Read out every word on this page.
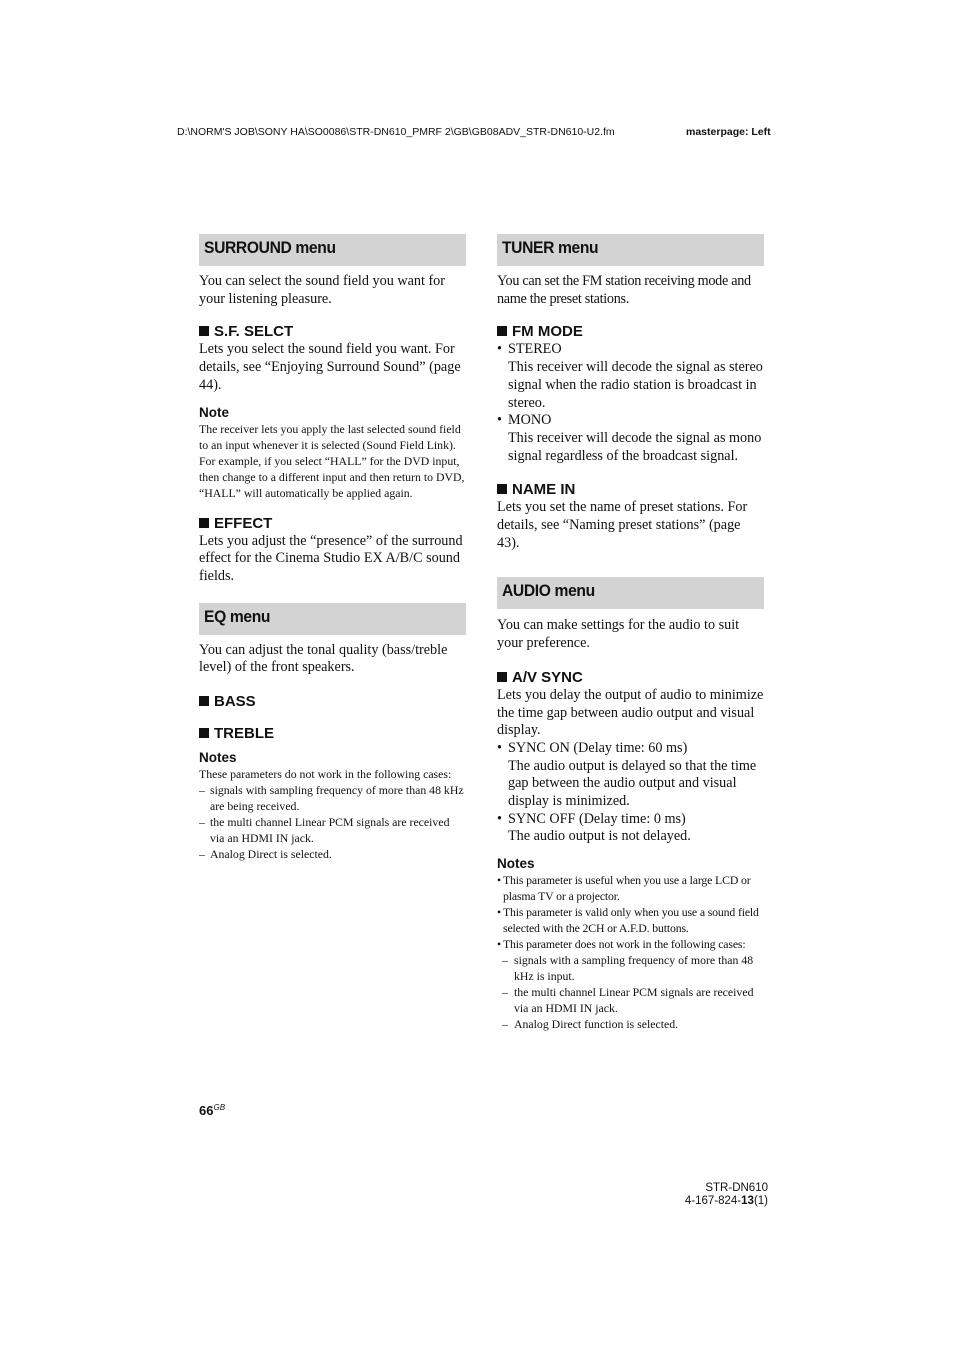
D:\NORM'S JOB\SONY HA\SO0086\STR-DN610_PMRF 2\GB\GB08ADV_STR-DN610-U2.fm	masterpage: Left
SURROUND menu

You can select the sound field you want for your listening pleasure.

S.F. SELCT

Lets you select the sound field you want. For details, see “Enjoying Surround Sound” (page 44).

Note

The receiver lets you apply the last selected sound field to an input whenever it is selected (Sound Field Link). For example, if you select “HALL” for the DVD input, then change to a different input and then return to DVD, “HALL” will automatically be applied again.

EFFECT

Lets you adjust the “presence” of the surround effect for the Cinema Studio EX A/B/C sound fields.

EQ menu

You can adjust the tonal quality (bass/treble level) of the front speakers.

BASS

TREBLE

Notes

These parameters do not work in the following cases:

– signals with sampling frequency of more than 48 kHz are being received.
– the multi channel Linear PCM signals are received via an HDMI IN jack.
– Analog Direct is selected.
TUNER menu

You can set the FM station receiving mode and name the preset stations.

FM MODE

• STEREO
This receiver will decode the signal as stereo signal when the radio station is broadcast in stereo.
• MONO
This receiver will decode the signal as mono signal regardless of the broadcast signal.

NAME IN

Lets you set the name of preset stations. For details, see “Naming preset stations” (page 43).

AUDIO menu

You can make settings for the audio to suit your preference.

A/V SYNC

Lets you delay the output of audio to minimize the time gap between audio output and visual display.

• SYNC ON (Delay time: 60 ms)
The audio output is delayed so that the time gap between the audio output and visual display is minimized.
• SYNC OFF (Delay time: 0 ms)
The audio output is not delayed.

Notes

• This parameter is useful when you use a large LCD or plasma TV or a projector.
• This parameter is valid only when you use a sound field selected with the 2CH or A.F.D. buttons.
• This parameter does not work in the following cases:
– signals with a sampling frequency of more than 48 kHz is input.
– the multi channel Linear PCM signals are received via an HDMI IN jack.
– Analog Direct function is selected.
$66^{GB}$
STR-DN610
4-167-824-13(1)
